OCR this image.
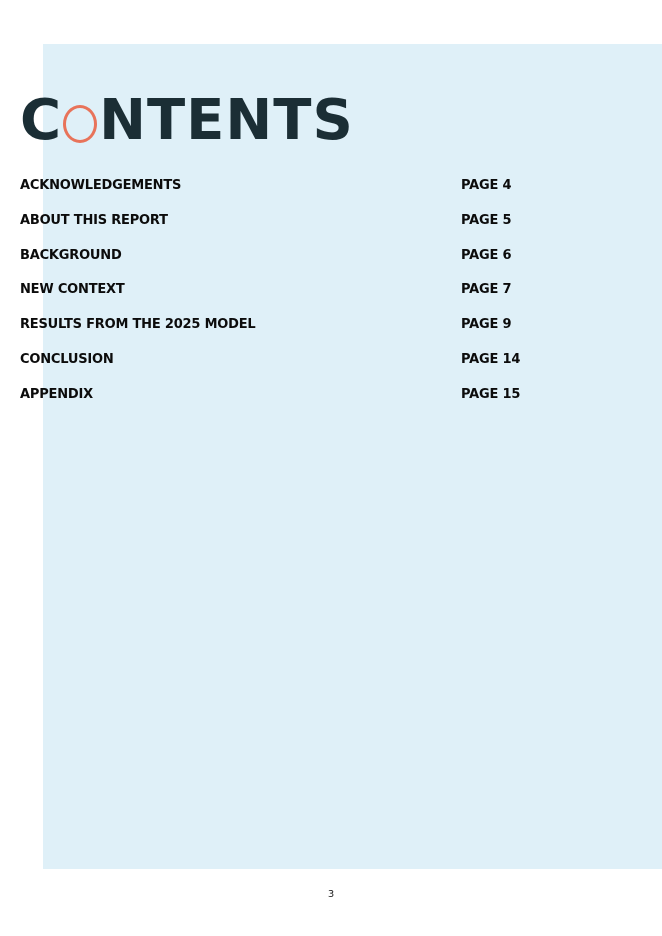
C NTENTS
ACKNOWLEDGEMENTS	PAGE 4
ABOUT THIS REPORT	PAGE 5
BACKGROUND	PAGE 6
NEW CONTEXT	PAGE 7
RESULTS FROM THE 2025 MODEL	PAGE 9
CONCLUSION	PAGE 14
APPENDIX	PAGE 15
3
